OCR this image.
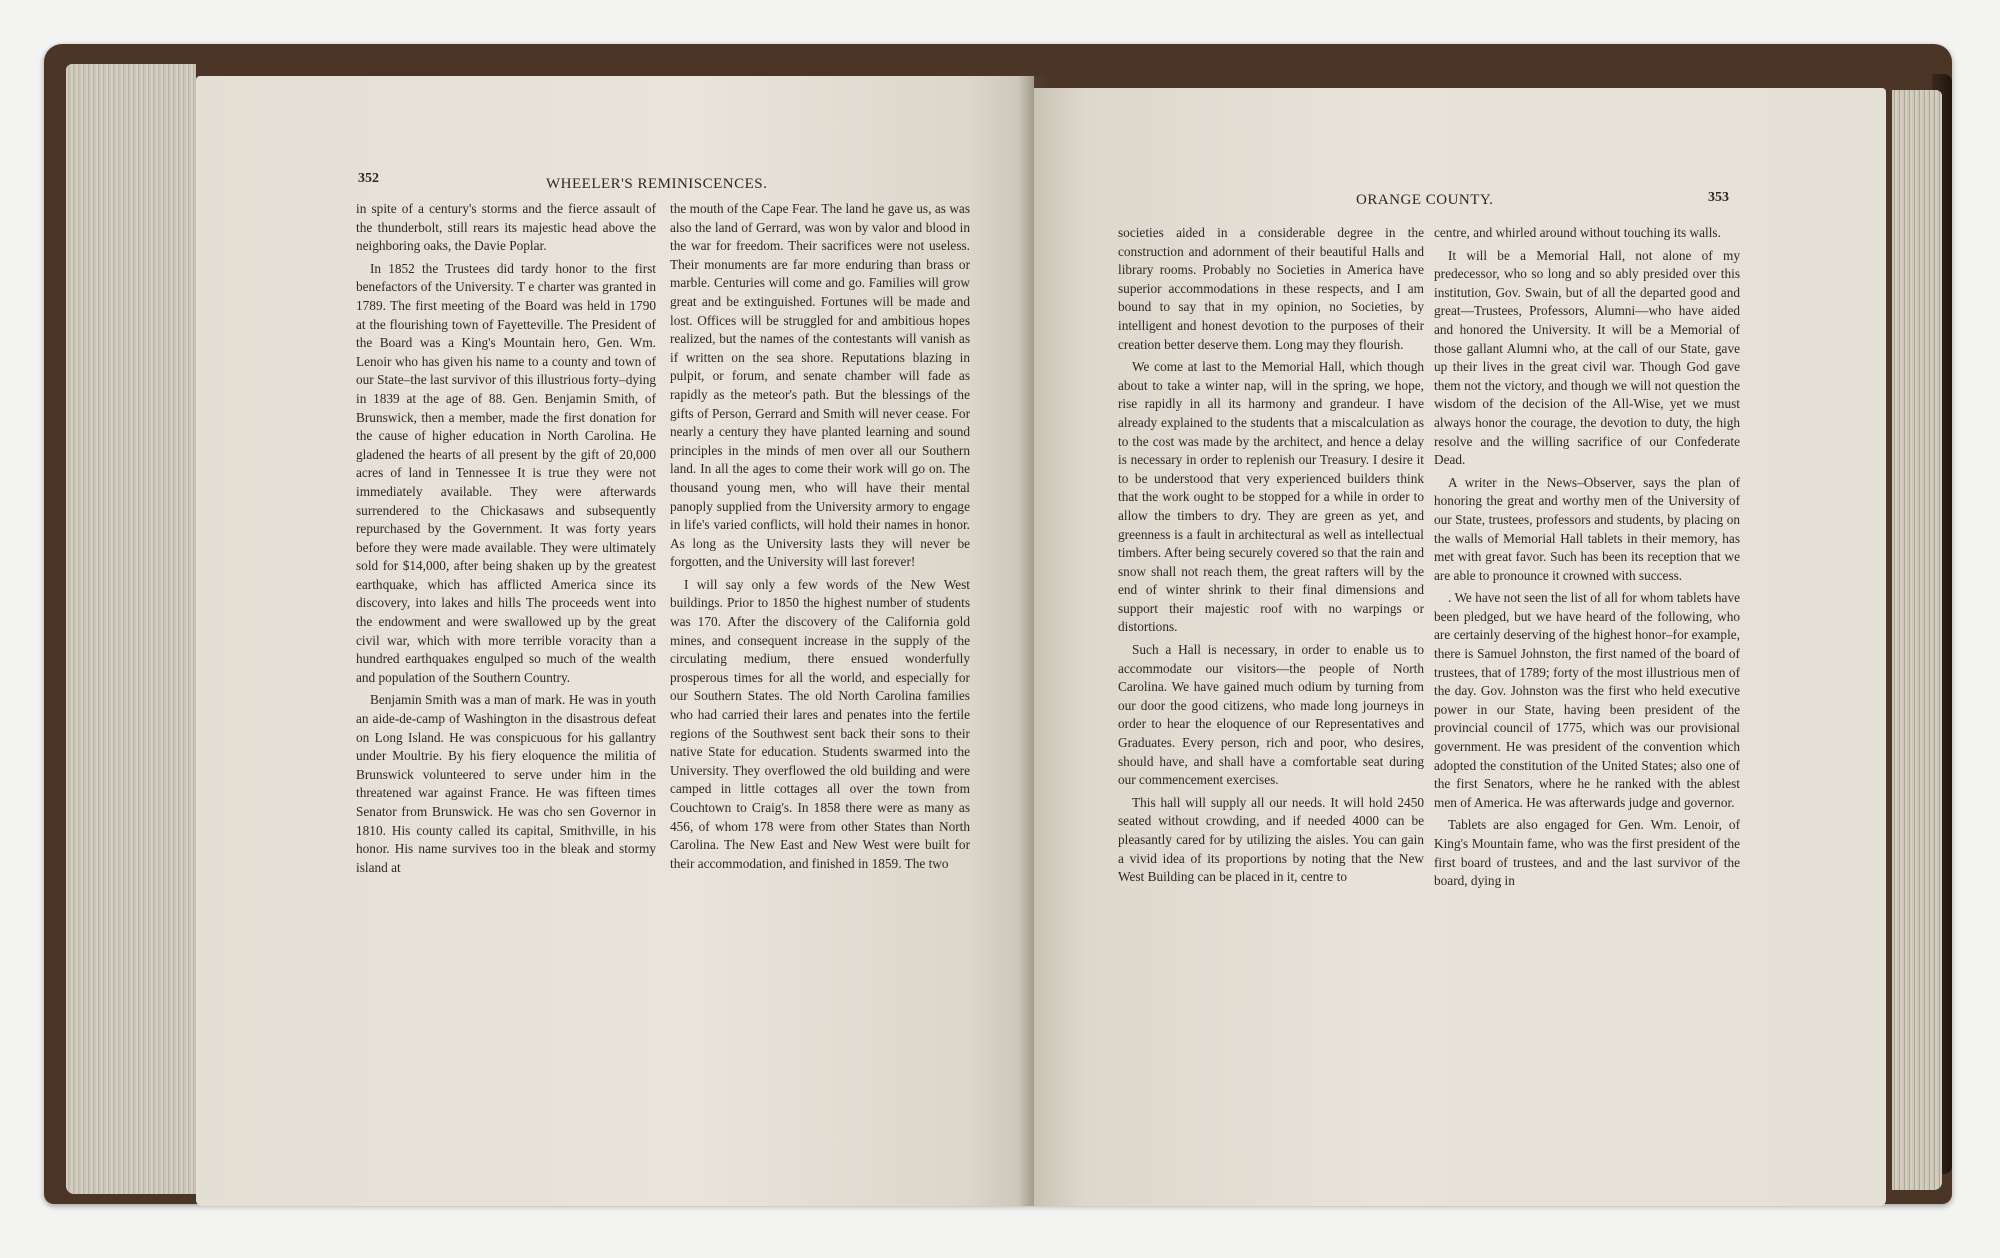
352	WHEELER'S REMINISCENCES.

in spite of a century's storms and the fierce assault of the thunderbolt, still rears its majestic head above the neighboring oaks, the Davie Poplar.

In 1852 the Trustees did tardy honor to the first benefactors of the University. T e charter was granted in 1789. The first meeting of the Board was held in 1790 at the flourishing town of Fayetteville. The President of the Board was a King's Mountain hero, Gen. Wm. Lenoir who has given his name to a county and town of our State–the last survivor of this illustrious forty–dying in 1839 at the age of 88. Gen. Benjamin Smith, of Brunswick, then a member, made the first donation for the cause of higher education in North Carolina. He gladened the hearts of all present by the gift of 20,000 acres of land in Tennessee It is true they were not immediately available. They were afterwards surrendered to the Chickasaws and subsequently repurchased by the Government. It was forty years before they were made available. They were ultimately sold for $14,000, after being shaken up by the greatest earthquake, which has afflicted America since its discovery, into lakes and hills The proceeds went into the endowment and were swallowed up by the great civil war, which with more terrible voracity than a hundred earthquakes engulped so much of the wealth and population of the Southern Country.

Benjamin Smith was a man of mark. He was in youth an aide-de-camp of Washington in the disastrous defeat on Long Island. He was conspicuous for his gallantry under Moultrie. By his fiery eloquence the militia of Brunswick volunteered to serve under him in the threatened war against France. He was fifteen times Senator from Brunswick. He was cho sen Governor in 1810. His county called its capital, Smithville, in his honor. His name survives too in the bleak and stormy island at

the mouth of the Cape Fear. The land he gave us, as was also the land of Gerrard, was won by valor and blood in the war for freedom. Their sacrifices were not useless. Their monuments are far more enduring than brass or marble. Centuries will come and go. Families will grow great and be extinguished. Fortunes will be made and lost. Offices will be struggled for and ambitious hopes realized, but the names of the contestants will vanish as if written on the sea shore. Reputations blazing in pulpit, or forum, and senate chamber will fade as rapidly as the meteor's path. But the blessings of the gifts of Person, Gerrard and Smith will never cease. For nearly a century they have planted learning and sound principles in the minds of men over all our Southern land. In all the ages to come their work will go on. The thousand young men, who will have their mental panoply supplied from the University armory to engage in life's varied conflicts, will hold their names in honor. As long as the University lasts they will never be forgotten, and the University will last forever!

I will say only a few words of the New West buildings. Prior to 1850 the highest number of students was 170. After the discovery of the California gold mines, and consequent increase in the supply of the circulating medium, there ensued wonderfully prosperous times for all the world, and especially for our Southern States. The old North Carolina families who had carried their lares and penates into the fertile regions of the Southwest sent back their sons to their native State for education. Students swarmed into the University. They overflowed the old building and were camped in little cottages all over the town from Couchtown to Craig's. In 1858 there were as many as 456, of whom 178 were from other States than North Carolina. The New East and New West were built for their accommodation, and finished in 1859. The two

ORANGE COUNTY.	353

societies aided in a considerable degree in the construction and adornment of their beautiful Halls and library rooms. Probably no Societies in America have superior accommodations in these respects, and I am bound to say that in my opinion, no Societies, by intelligent and honest devotion to the purposes of their creation better deserve them. Long may they flourish.

We come at last to the Memorial Hall, which though about to take a winter nap, will in the spring, we hope, rise rapidly in all its harmony and grandeur. I have already explained to the students that a miscalculation as to the cost was made by the architect, and hence a delay is necessary in order to replenish our Treasury. I desire it to be understood that very experienced builders think that the work ought to be stopped for a while in order to allow the timbers to dry. They are green as yet, and greenness is a fault in architectural as well as intellectual timbers. After being securely covered so that the rain and snow shall not reach them, the great rafters will by the end of winter shrink to their final dimensions and support their majestic roof with no warpings or distortions.

Such a Hall is necessary, in order to enable us to accommodate our visitors—the people of North Carolina. We have gained much odium by turning from our door the good citizens, who made long journeys in order to hear the eloquence of our Representatives and Graduates. Every person, rich and poor, who desires, should have, and shall have a comfortable seat during our commencement exercises.

This hall will supply all our needs. It will hold 2450 seated without crowding, and if needed 4000 can be pleasantly cared for by utilizing the aisles. You can gain a vivid idea of its proportions by noting that the New West Building can be placed in it, centre to

centre, and whirled around without touching its walls.

It will be a Memorial Hall, not alone of my predecessor, who so long and so ably presided over this institution, Gov. Swain, but of all the departed good and great—Trustees, Professors, Alumni—who have aided and honored the University. It will be a Memorial of those gallant Alumni who, at the call of our State, gave up their lives in the great civil war. Though God gave them not the victory, and though we will not question the wisdom of the decision of the All-Wise, yet we must always honor the courage, the devotion to duty, the high resolve and the willing sacrifice of our Confederate Dead.

A writer in the News–Observer, says the plan of honoring the great and worthy men of the University of our State, trustees, professors and students, by placing on the walls of Memorial Hall tablets in their memory, has met with great favor. Such has been its reception that we are able to pronounce it crowned with success.

. We have not seen the list of all for whom tablets have been pledged, but we have heard of the following, who are certainly deserving of the highest honor–for example, there is Samuel Johnston, the first named of the board of trustees, that of 1789; forty of the most illustrious men of the day. Gov. Johnston was the first who held executive power in our State, having been president of the provincial council of 1775, which was our provisional government. He was president of the convention which adopted the constitution of the United States; also one of the first Senators, where he he ranked with the ablest men of America. He was afterwards judge and governor.

Tablets are also engaged for Gen. Wm. Lenoir, of King's Mountain fame, who was the first president of the first board of trustees, and and the last survivor of the board, dying in
